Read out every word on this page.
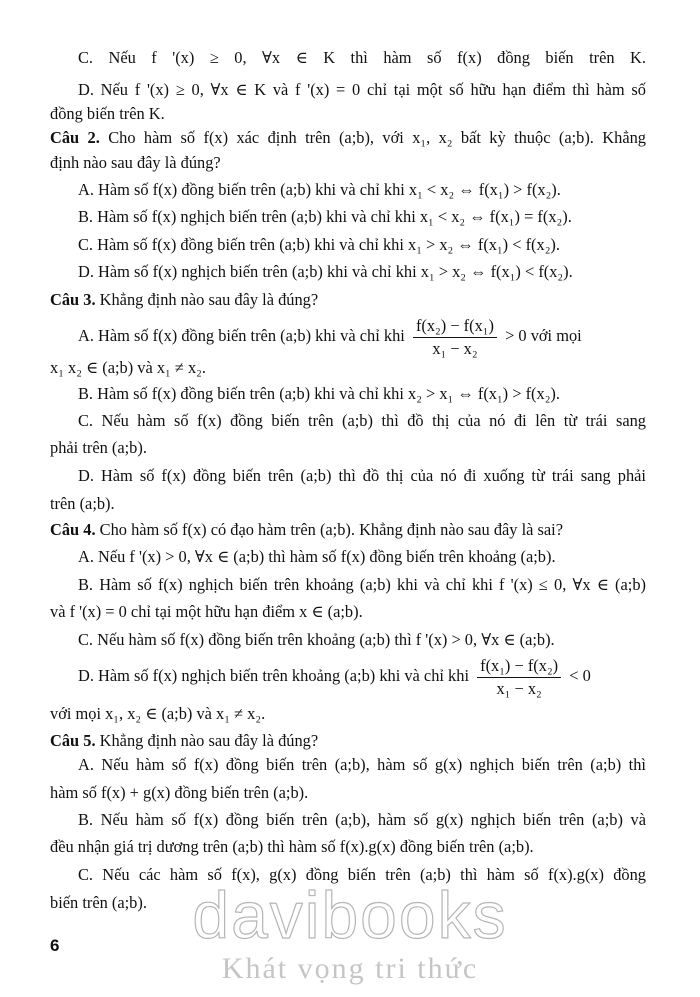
C. Nếu f '(x) ≥ 0, ∀x ∈ K thì hàm số f(x) đồng biến trên K.
D. Nếu f '(x) ≥ 0, ∀x ∈ K và f '(x) = 0 chỉ tại một số hữu hạn điểm thì hàm số
đồng biến trên K.
Câu 2. Cho hàm số f(x) xác định trên (a;b), với x₁, x₂ bất kỳ thuộc (a;b). Khẳng
định nào sau đây là đúng?
A. Hàm số f(x) đồng biến trên (a;b) khi và chỉ khi x₁ < x₂ ⇔ f(x₁) > f(x₂).
B. Hàm số f(x) nghịch biến trên (a;b) khi và chỉ khi x₁ < x₂ ⇔ f(x₁) = f(x₂).
C. Hàm số f(x) đồng biến trên (a;b) khi và chỉ khi x₁ > x₂ ⇔ f(x₁) < f(x₂).
D. Hàm số f(x) nghịch biến trên (a;b) khi và chỉ khi x₁ > x₂ ⇔ f(x₁) < f(x₂).
Câu 3. Khẳng định nào sau đây là đúng?
A. Hàm số f(x) đồng biến trên (a;b) khi và chỉ khi $\frac{\text{f(x₂) − f(x₁)}}{\text{x₁ − x₂}} > 0$ với mọi
x₁ x₂ ∈ (a;b) và x₁ ≠ x₂.
B. Hàm số f(x) đồng biến trên (a;b) khi và chỉ khi x₂ > x₁ ⇔ f(x₁) > f(x₂).
C. Nếu hàm số f(x) đồng biến trên (a;b) thì đồ thị của nó đi lên từ trái sang
phải trên (a;b).
D. Hàm số f(x) đồng biến trên (a;b) thì đồ thị của nó đi xuống từ trái sang phải
trên (a;b).
Câu 4. Cho hàm số f(x) có đạo hàm trên (a;b). Khẳng định nào sau đây là sai?
A. Nếu f '(x) > 0, ∀x ∈ (a;b) thì hàm số f(x) đồng biến trên khoảng (a;b).
B. Hàm số f(x) nghịch biến trên khoảng (a;b) khi và chỉ khi f '(x) ≤ 0, ∀x ∈ (a;b)
và f '(x) = 0 chỉ tại một hữu hạn điểm x ∈ (a;b).
C. Nếu hàm số f(x) đồng biến trên khoảng (a;b) thì f '(x) > 0, ∀x ∈ (a;b).
D. Hàm số f(x) nghịch biến trên khoảng (a;b) khi và chỉ khi $\frac{\text{f(x₁) − f(x₂)}}{\text{x₁ − x₂}} < 0$
với mọi x₁, x₂ ∈ (a;b) và x₁ ≠ x₂.
Câu 5. Khẳng định nào sau đây là đúng?
A. Nếu hàm số f(x) đồng biến trên (a;b), hàm số g(x) nghịch biến trên (a;b) thì
hàm số f(x) + g(x) đồng biến trên (a;b).
B. Nếu hàm số f(x) đồng biến trên (a;b), hàm số g(x) nghịch biến trên (a;b) và
đều nhận giá trị dương trên (a;b) thì hàm số f(x).g(x) đồng biến trên (a;b).
C. Nếu các hàm số f(x), g(x) đồng biến trên (a;b) thì hàm số f(x).g(x) đồng
biến trên (a;b).
6	davibooks
Khát vọng tri thức
